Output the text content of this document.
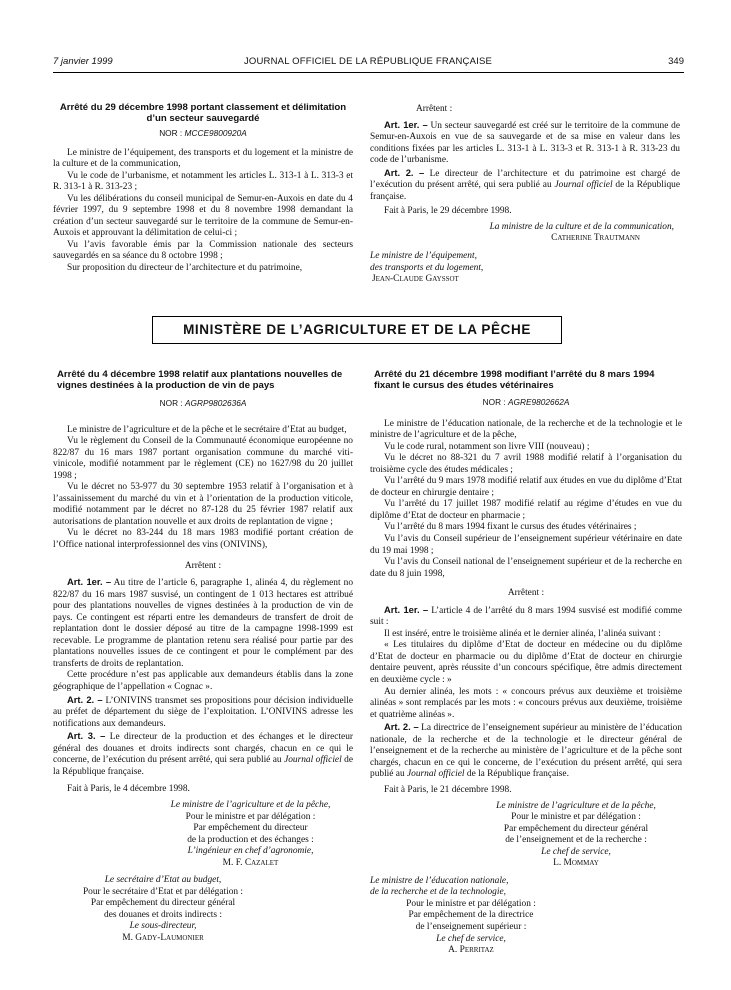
7 janvier 1999	JOURNAL OFFICIEL DE LA RÉPUBLIQUE FRANÇAISE	349
Arrêté du 29 décembre 1998 portant classement et délimitation d’un secteur sauvegardé
NOR : MCCE9800920A

Le ministre de l’équipement, des transports et du logement et la ministre de la culture et de la communication,

Vu le code de l’urbanisme, et notamment les articles L. 313-1 à L. 313-3 et R. 313-1 à R. 313-23 ;

Vu les délibérations du conseil municipal de Semur-en-Auxois en date du 4 février 1997, du 9 septembre 1998 et du 8 novembre 1998 demandant la création d’un secteur sauvegardé sur le territoire de la commune de Semur-en-Auxois et approuvant la délimitation de celui-ci ;

Vu l’avis favorable émis par la Commission nationale des secteurs sauvegardés en sa séance du 8 octobre 1998 ;

Sur proposition du directeur de l’architecture et du patrimoine,

Arrêtent :

Art. 1er. – Un secteur sauvegardé est créé sur le territoire de la commune de Semur-en-Auxois en vue de sa sauvegarde et de sa mise en valeur dans les conditions fixées par les articles L. 313-1 à L. 313-3 et R. 313-1 à R. 313-23 du code de l’urbanisme.

Art. 2. – Le directeur de l’architecture et du patrimoine est chargé de l’exécution du présent arrêté, qui sera publié au Journal officiel de la République française.

Fait à Paris, le 29 décembre 1998.

La ministre de la culture et de la communication,

Catherine Trautmann

Le ministre de l’équipement,

des transports et du logement,

Jean-Claude Gayssot

MINISTÈRE DE L’AGRICULTURE ET DE LA PÊCHE
Arrêté du 4 décembre 1998 relatif aux plantations nouvelles de vignes destinées à la production de vin de pays
NOR : AGRP9802636A

Le ministre de l’agriculture et de la pêche et le secrétaire d’Etat au budget,

Vu le règlement du Conseil de la Communauté économique européenne no 822/87 du 16 mars 1987 portant organisation commune du marché viti-vinicole, modifié notamment par le règlement (CE) no 1627/98 du 20 juillet 1998 ;

Vu le décret no 53-977 du 30 septembre 1953 relatif à l’organisation et à l’assainissement du marché du vin et à l’orientation de la production viticole, modifié notamment par le décret no 87-128 du 25 février 1987 relatif aux autorisations de plantation nouvelle et aux droits de replantation de vigne ;

Vu le décret no 83-244 du 18 mars 1983 modifié portant création de l’Office national interprofessionnel des vins (ONIVINS),

Arrêtent :

Art. 1er. – Au titre de l’article 6, paragraphe 1, alinéa 4, du règlement no 822/87 du 16 mars 1987 susvisé, un contingent de 1 013 hectares est attribué pour des plantations nouvelles de vignes destinées à la production de vin de pays. Ce contingent est réparti entre les demandeurs de transfert de droit de replantation dont le dossier déposé au titre de la campagne 1998-1999 est recevable. Le programme de plantation retenu sera réalisé pour partie par des plantations nouvelles issues de ce contingent et pour le complément par des transferts de droits de replantation.

Cette procédure n’est pas applicable aux demandeurs établis dans la zone géographique de l’appellation « Cognac ».

Art. 2. – L’ONIVINS transmet ses propositions pour décision individuelle au préfet de département du siège de l’exploitation. L’ONIVINS adresse les notifications aux demandeurs.

Art. 3. – Le directeur de la production et des échanges et le directeur général des douanes et droits indirects sont chargés, chacun en ce qui le concerne, de l’exécution du présent arrêté, qui sera publié au Journal officiel de la République française.

Fait à Paris, le 4 décembre 1998.

Le ministre de l’agriculture et de la pêche,

Pour le ministre et par délégation :

Par empêchement du directeur

de la production et des échanges :

L’ingénieur en chef d’agronomie,

M. F. Cazalet

Le secrétaire d’Etat au budget,

Pour le secrétaire d’Etat et par délégation :

Par empêchement du directeur général

des douanes et droits indirects :

Le sous-directeur,

M. Gady-Laumonier

Arrêté du 21 décembre 1998 modifiant l’arrêté du 8 mars 1994 fixant le cursus des études vétérinaires
NOR : AGRE9802662A

Le ministre de l’éducation nationale, de la recherche et de la technologie et le ministre de l’agriculture et de la pêche,

Vu le code rural, notamment son livre VIII (nouveau) ;

Vu le décret no 88-321 du 7 avril 1988 modifié relatif à l’organisation du troisième cycle des études médicales ;

Vu l’arrêté du 9 mars 1978 modifié relatif aux études en vue du diplôme d’Etat de docteur en chirurgie dentaire ;

Vu l’arrêté du 17 juillet 1987 modifié relatif au régime d’études en vue du diplôme d’Etat de docteur en pharmacie ;

Vu l’arrêté du 8 mars 1994 fixant le cursus des études vétérinaires ;

Vu l’avis du Conseil supérieur de l’enseignement supérieur vétérinaire en date du 19 mai 1998 ;

Vu l’avis du Conseil national de l’enseignement supérieur et de la recherche en date du 8 juin 1998,

Arrêtent :

Art. 1er. – L’article 4 de l’arrêté du 8 mars 1994 susvisé est modifié comme suit :

Il est inséré, entre le troisième alinéa et le dernier alinéa, l’alinéa suivant :

« Les titulaires du diplôme d’Etat de docteur en médecine ou du diplôme d’Etat de docteur en pharmacie ou du diplôme d’Etat de docteur en chirurgie dentaire peuvent, après réussite d’un concours spécifique, être admis directement en deuxième cycle : »

Au dernier alinéa, les mots : « concours prévus aux deuxième et troisième alinéas » sont remplacés par les mots : « concours prévus aux deuxième, troisième et quatrième alinéas ».

Art. 2. – La directrice de l’enseignement supérieur au ministère de l’éducation nationale, de la recherche et de la technologie et le directeur général de l’enseignement et de la recherche au ministère de l’agriculture et de la pêche sont chargés, chacun en ce qui le concerne, de l’exécution du présent arrêté, qui sera publié au Journal officiel de la République française.

Fait à Paris, le 21 décembre 1998.

Le ministre de l’agriculture et de la pêche,

Pour le ministre et par délégation :

Par empêchement du directeur général

de l’enseignement et de la recherche :

Le chef de service,

L. Mommay

Le ministre de l’éducation nationale,

de la recherche et de la technologie,

Pour le ministre et par délégation :

Par empêchement de la directrice

de l’enseignement supérieur :

Le chef de service,

A. Perritaz
